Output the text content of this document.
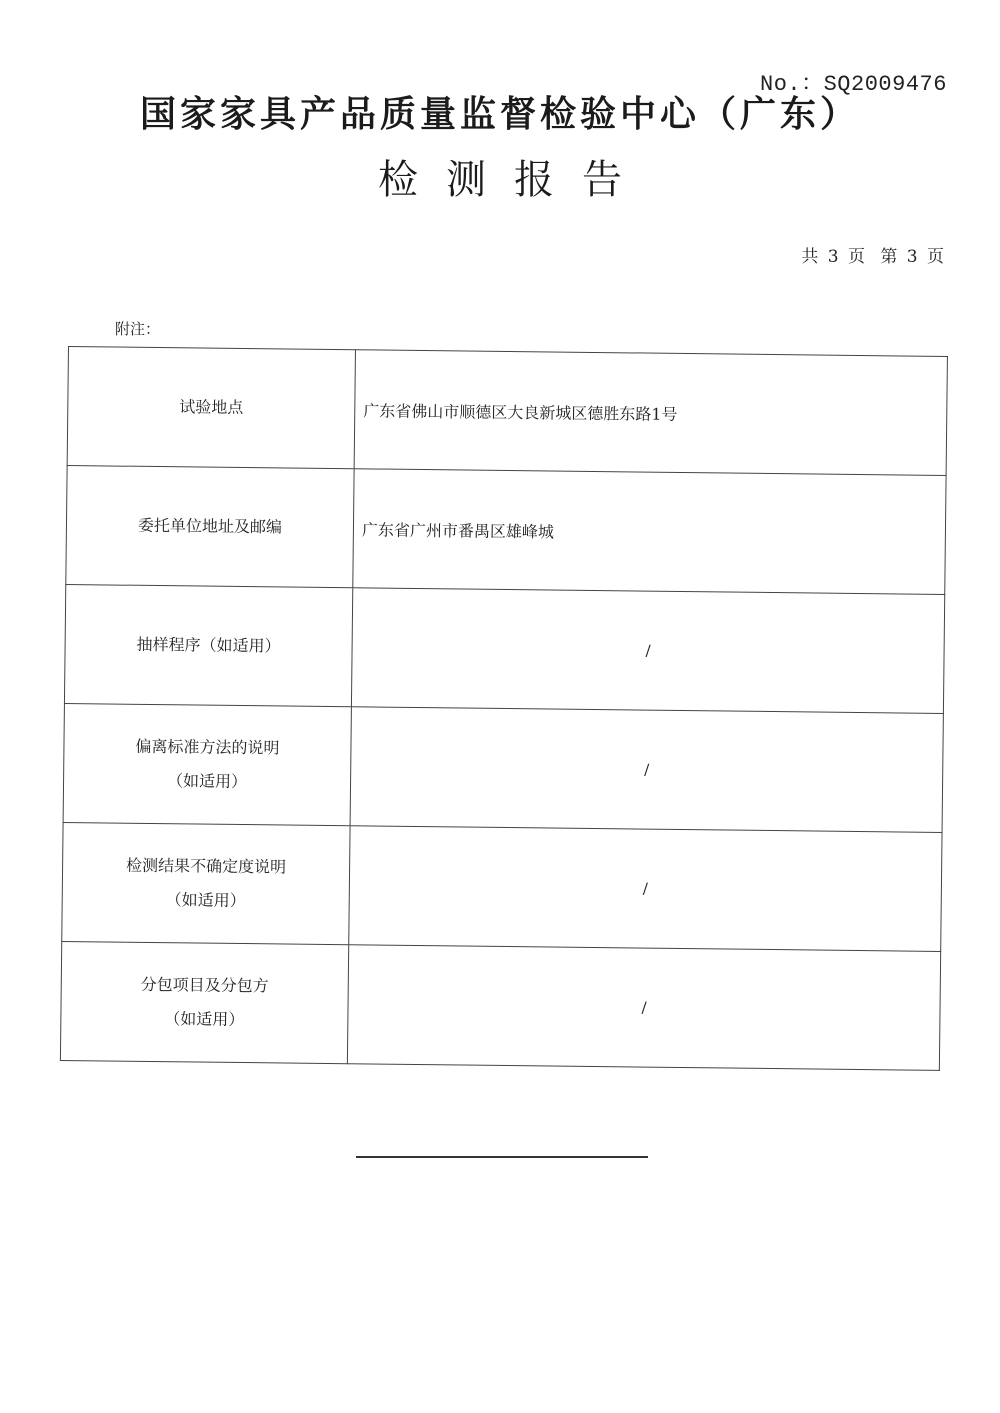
No.：SQ2009476
国家家具产品质量监督检验中心（广东）
检测报告
共 3 页 第 3 页
附注：
试验地点	广东省佛山市顺德区大良新城区德胜东路1号

委托单位地址及邮编	广东省广州市番禺区雄峰城

抽样程序（如适用）	/

偏离标准方法的说明
（如适用）	/

检测结果不确定度说明
（如适用）	/

分包项目及分包方
（如适用）	/
